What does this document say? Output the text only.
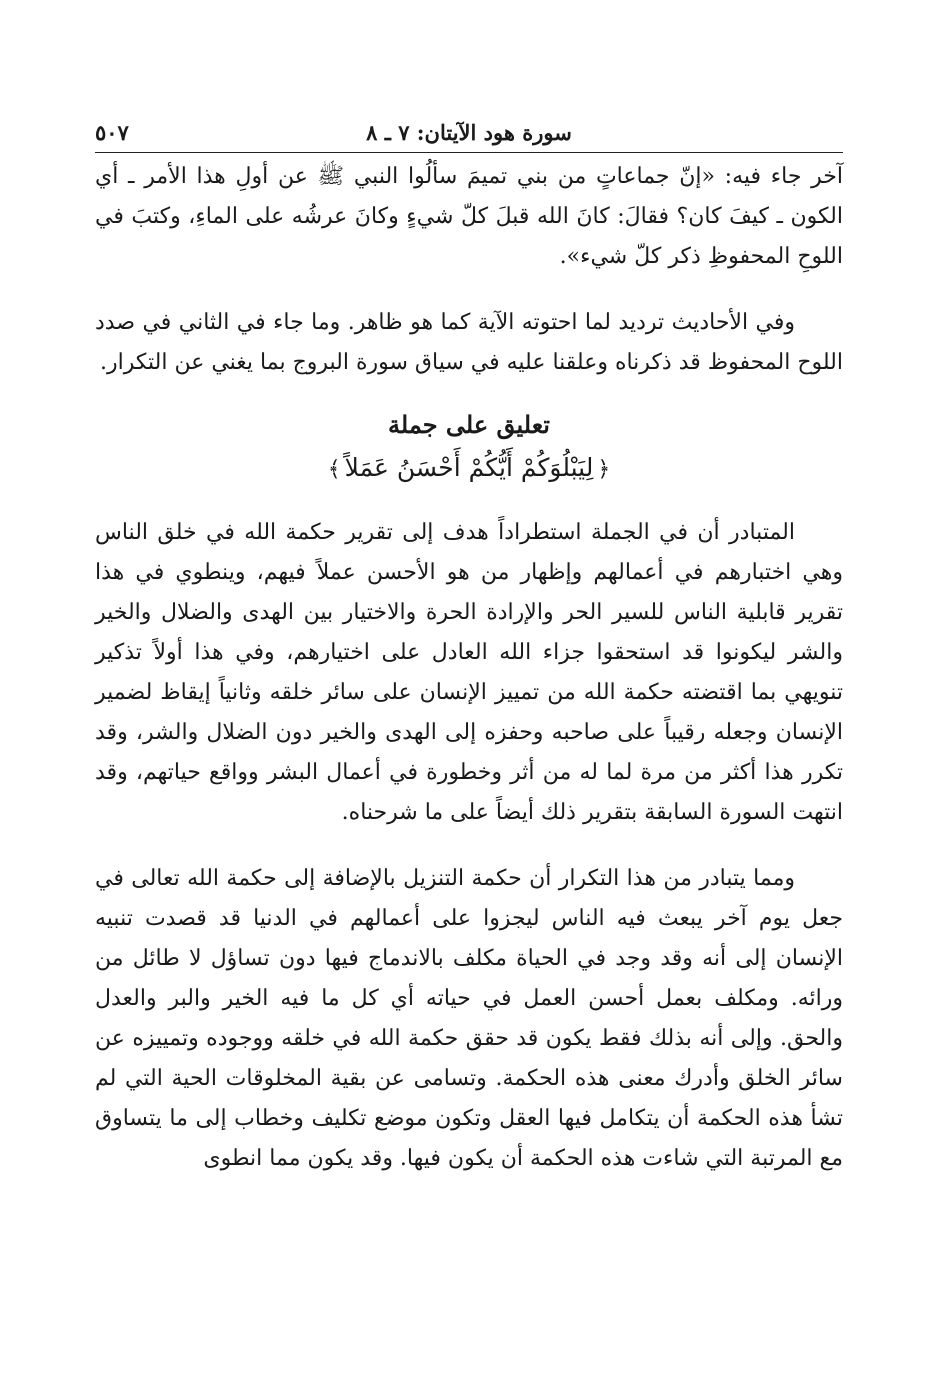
سورة هود الآيتان: ٧ ـ ٨
٥٠٧

آخر جاء فيه: «إنّ جماعاتٍ من بني تميمَ سألُوا النبي ﷺ عن أولِ هذا الأمر ـ أي الكون ـ كيفَ كان؟ فقالَ: كانَ الله قبلَ كلّ شيءٍ وكانَ عرشُه على الماءِ، وكتبَ في اللوحِ المحفوظِ ذكر كلّ شيء».

وفي الأحاديث ترديد لما احتوته الآية كما هو ظاهر. وما جاء في الثاني في صدد اللوح المحفوظ قد ذكرناه وعلقنا عليه في سياق سورة البروج بما يغني عن التكرار.

تعليق على جملة
﴿لِيَبْلُوَكُمْ أَيُّكُمْ أَحْسَنُ عَمَلاً﴾

المتبادر أن في الجملة استطراداً هدف إلى تقرير حكمة الله في خلق الناس وهي اختبارهم في أعمالهم وإظهار من هو الأحسن عملاً فيهم، وينطوي في هذا تقرير قابلية الناس للسير الحر والإرادة الحرة والاختيار بين الهدى والضلال والخير والشر ليكونوا قد استحقوا جزاء الله العادل على اختيارهم، وفي هذا أولاً تذكير تنويهي بما اقتضته حكمة الله من تمييز الإنسان على سائر خلقه وثانياً إيقاظ لضمير الإنسان وجعله رقيباً على صاحبه وحفزه إلى الهدى والخير دون الضلال والشر، وقد تكرر هذا أكثر من مرة لما له من أثر وخطورة في أعمال البشر وواقع حياتهم، وقد انتهت السورة السابقة بتقرير ذلك أيضاً على ما شرحناه.

ومما يتبادر من هذا التكرار أن حكمة التنزيل بالإضافة إلى حكمة الله تعالى في جعل يوم آخر يبعث فيه الناس ليجزوا على أعمالهم في الدنيا قد قصدت تنبيه الإنسان إلى أنه وقد وجد في الحياة مكلف بالاندماج فيها دون تساؤل لا طائل من ورائه. ومكلف بعمل أحسن العمل في حياته أي كل ما فيه الخير والبر والعدل والحق. وإلى أنه بذلك فقط يكون قد حقق حكمة الله في خلقه ووجوده وتمييزه عن سائر الخلق وأدرك معنى هذه الحكمة. وتسامى عن بقية المخلوقات الحية التي لم تشأ هذه الحكمة أن يتكامل فيها العقل وتكون موضع تكليف وخطاب إلى ما يتساوق مع المرتبة التي شاءت هذه الحكمة أن يكون فيها. وقد يكون مما انطوى
